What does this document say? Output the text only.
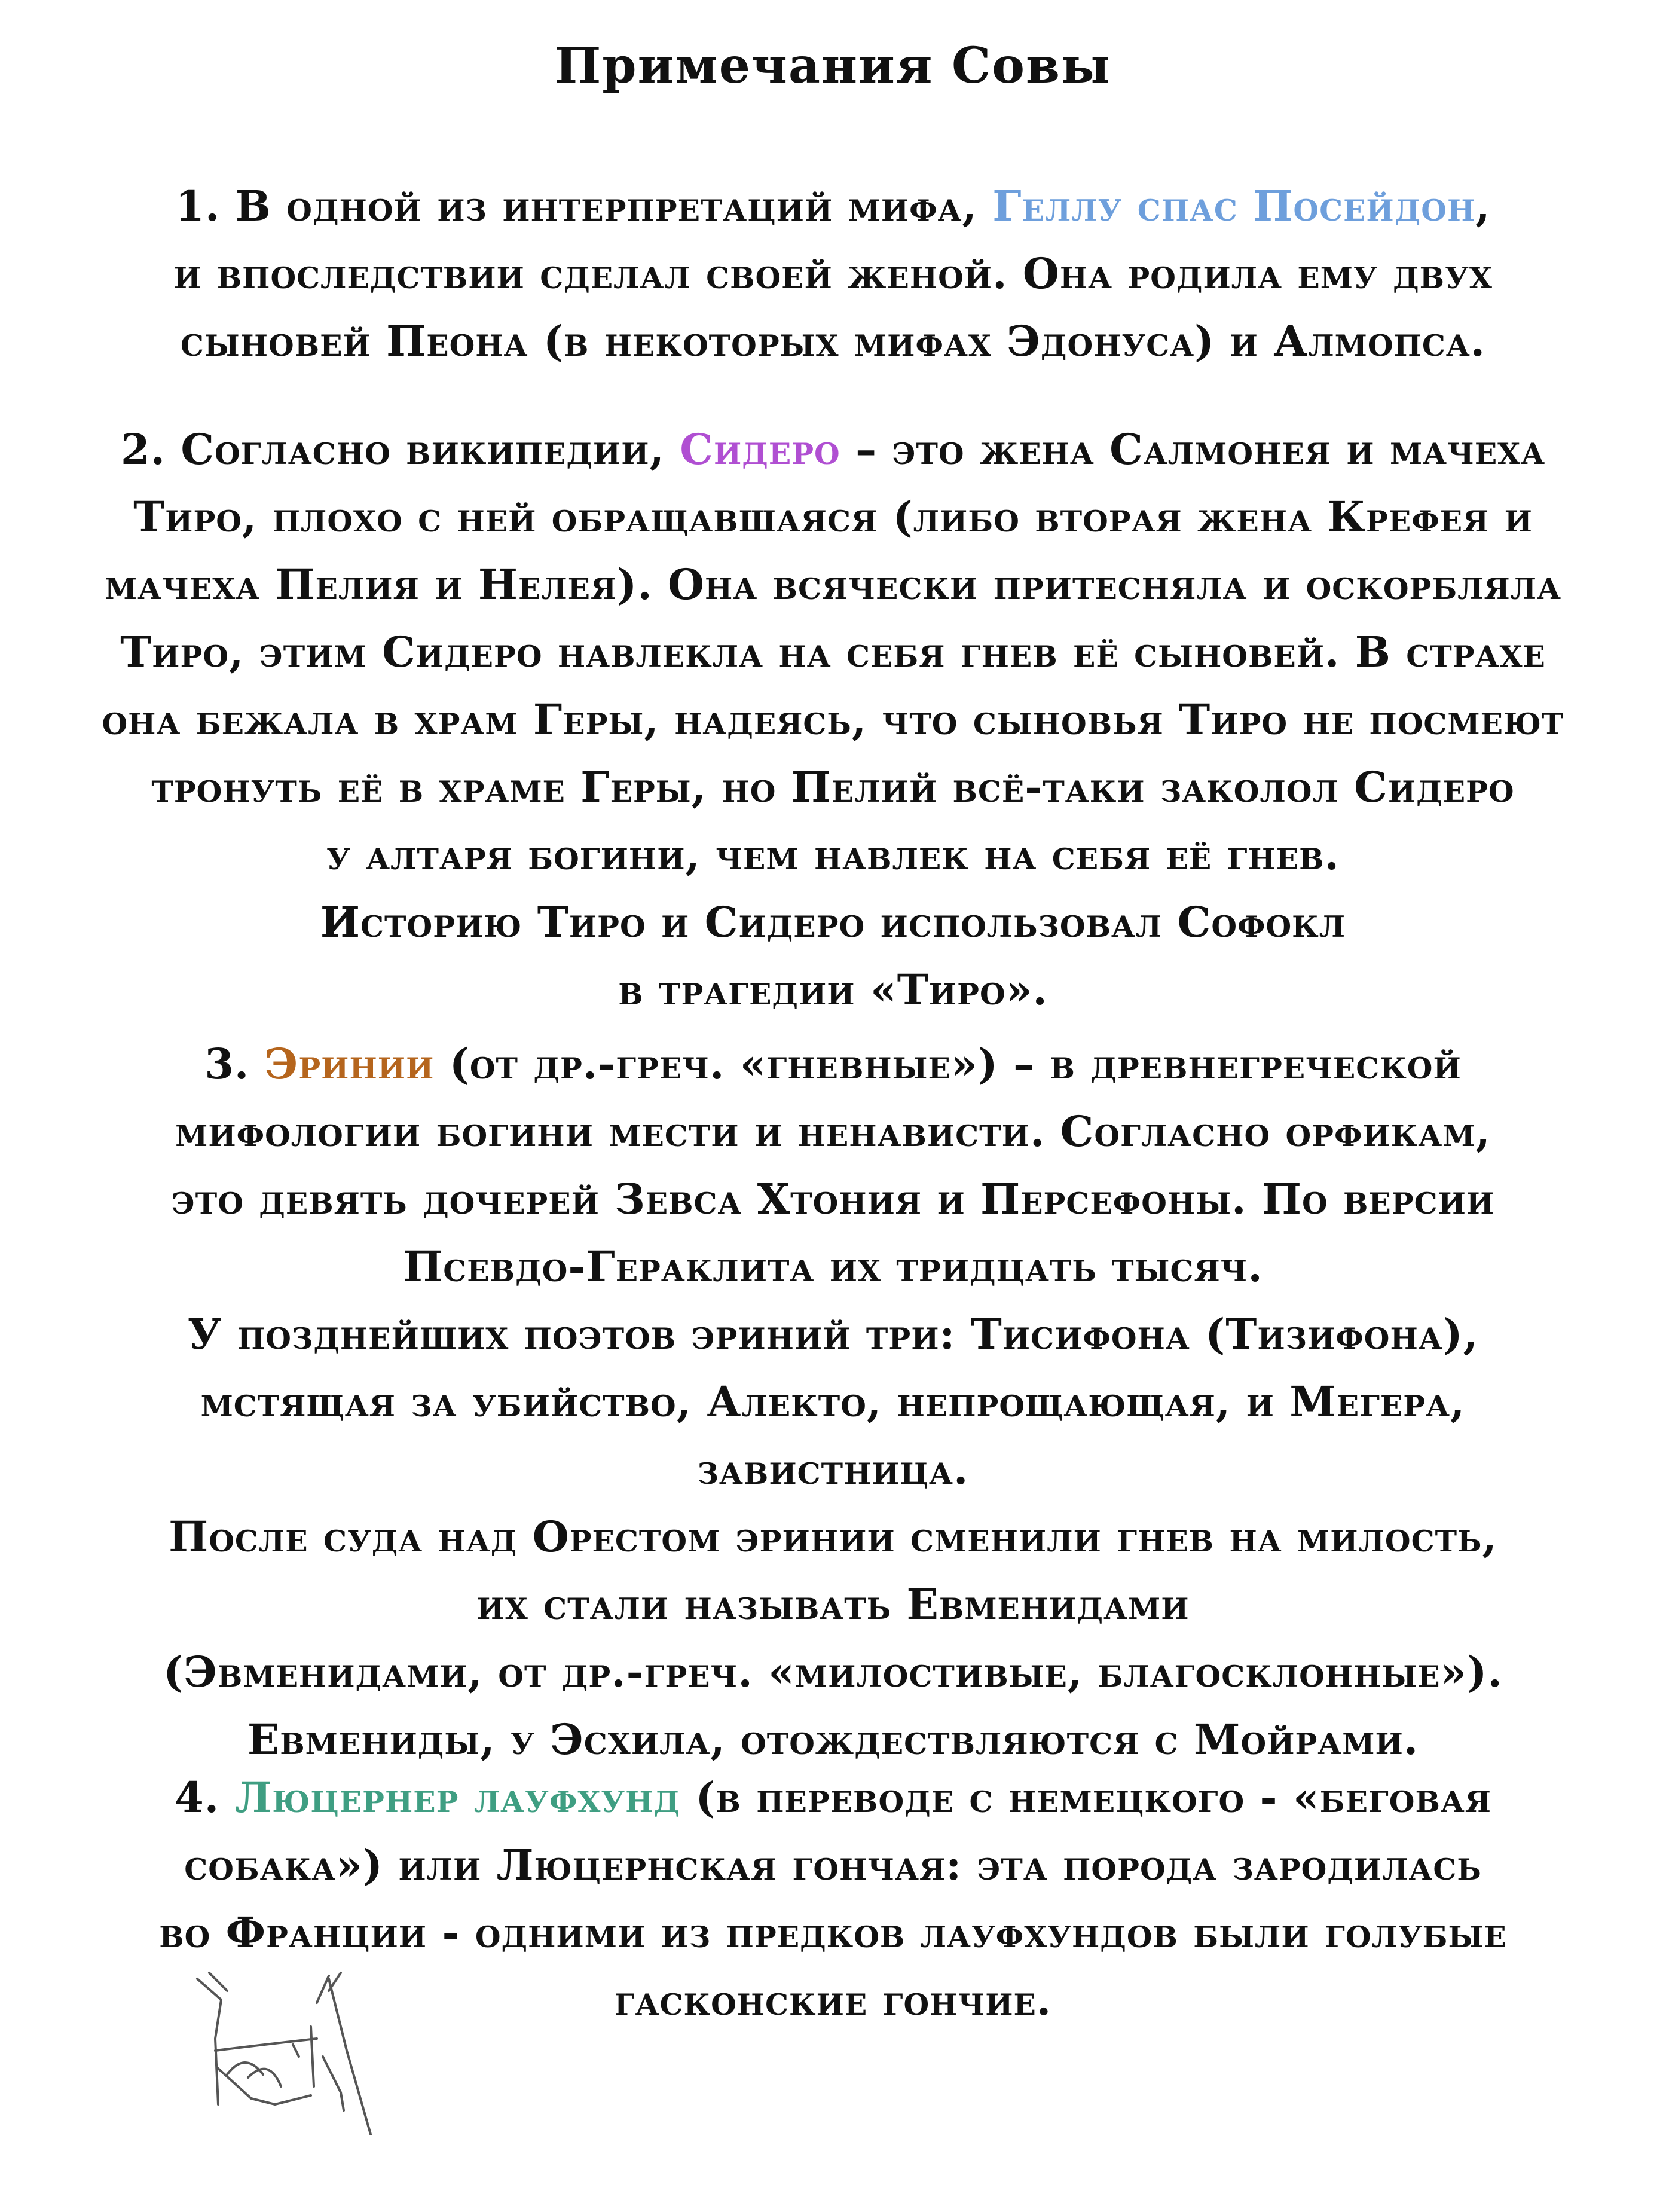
Примечания Совы
1. В одной из интерпретаций мифа, Геллу спас Посейдон,
и впоследствии сделал своей женой. Она родила ему двух
сыновей Пеона (в некоторых мифах Эдонуса) и Алмопса.
2. Согласно википедии, Сидеро – это жена Салмонея и мачеха
Тиро, плохо с ней обращавшаяся (либо вторая жена Крефея и
мачеха Пелия и Нелея). Она всячески притесняла и оскорбляла
Тиро, этим Сидеро навлекла на себя гнев её сыновей. В страхе
она бежала в храм Геры, надеясь, что сыновья Тиро не посмеют
тронуть её в храме Геры, но Пелий всё-таки заколол Сидеро
у алтаря богини, чем навлек на себя её гнев.
Историю Тиро и Сидеро использовал Софокл
в трагедии «Тиро».
3. Эринии (от др.-греч. «гневные») – в древнегреческой
мифологии богини мести и ненависти. Согласно орфикам,
это девять дочерей Зевса Хтония и Персефоны. По версии
Псевдо-Гераклита их тридцать тысяч.
У позднейших поэтов эриний три: Тисифона (Тизифона),
мстящая за убийство, Алекто, непрощающая, и Мегера,
завистница.
После суда над Орестом эринии сменили гнев на милость,
их стали называть Евменидами
(Эвменидами, от др.-греч. «милостивые, благосклонные»).
Евмениды, у Эсхила, отождествляются с Мойрами.
4. Люцернер лауфхунд (в переводе с немецкого - «беговая
собака») или Люцернская гончая: эта порода зародилась
во Франции - одними из предков лауфхундов были голубые
гасконские гончие.
